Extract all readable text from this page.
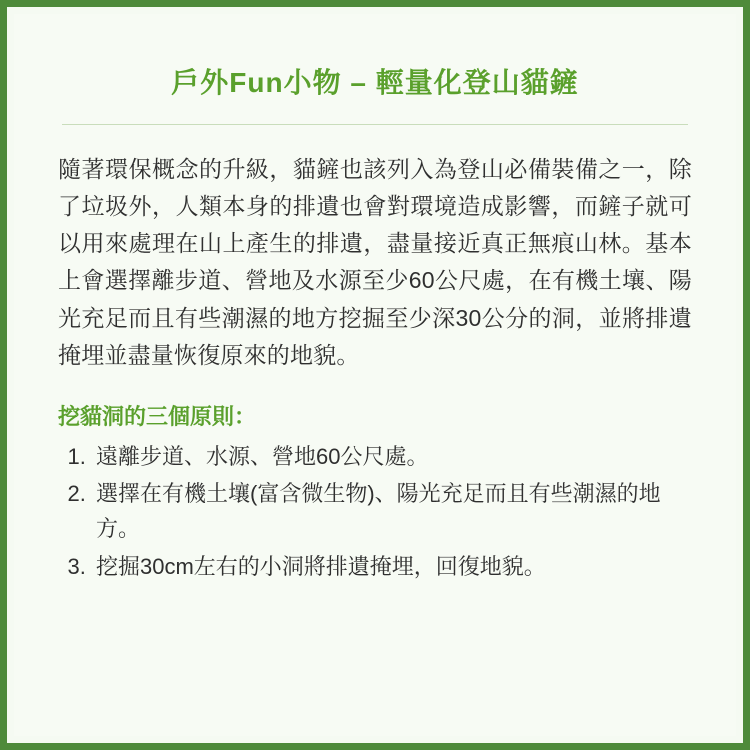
戶外Fun小物 – 輕量化登山貓鏟

隨著環保概念的升級，貓鏟也該列入為登山必備裝備之一，除了垃圾外，人類本身的排遺也會對環境造成影響，而鏟子就可以用來處理在山上產生的排遺，盡量接近真正無痕山林。基本上會選擇離步道、營地及水源至少60公尺處，在有機土壤、陽光充足而且有些潮濕的地方挖掘至少深30公分的洞，並將排遺掩埋並盡量恢復原來的地貌。

挖貓洞的三個原則：
1. 遠離步道、水源、營地60公尺處。
2. 選擇在有機土壤(富含微生物)、陽光充足而且有些潮濕的地方。
3. 挖掘30cm左右的小洞將排遺掩埋，回復地貌。
